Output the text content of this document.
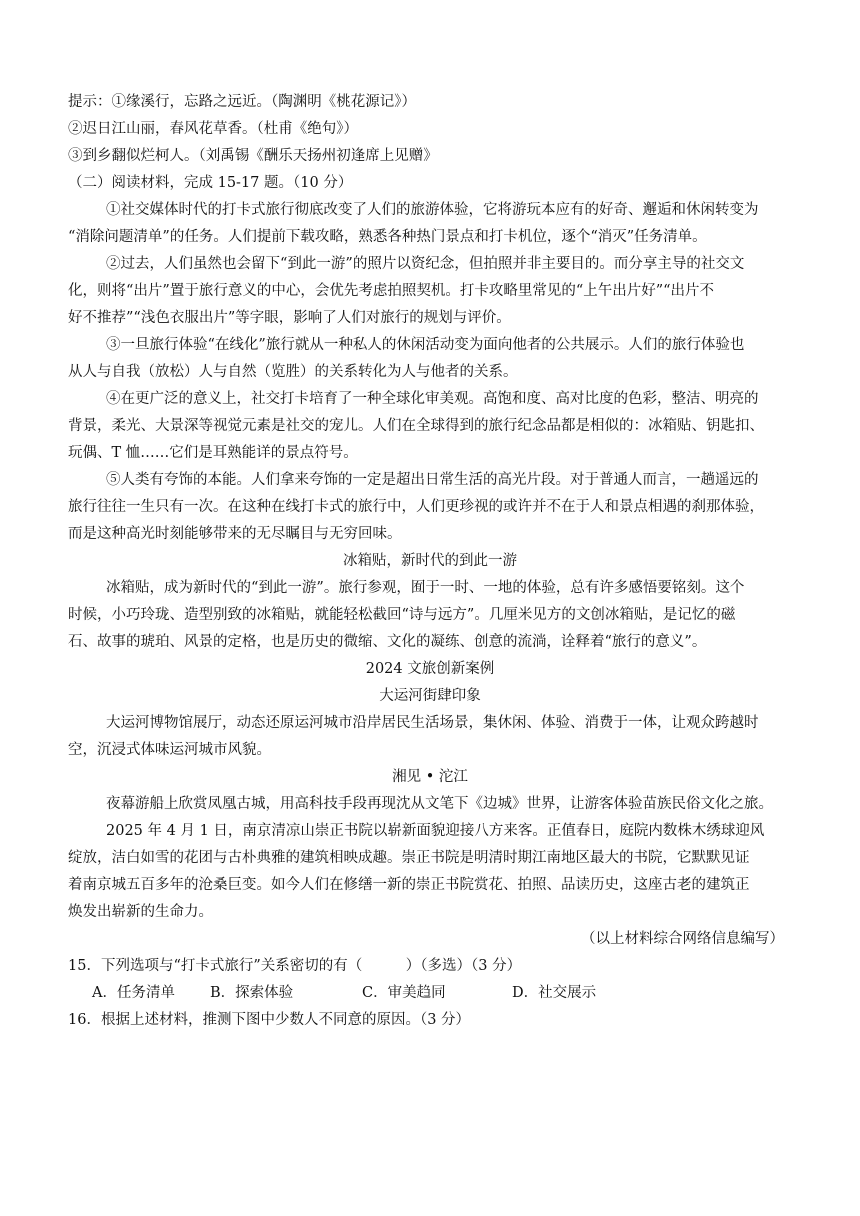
提示：①缘溪行，忘路之远近。（陶渊明《桃花源记》）
②迟日江山丽，春风花草香。（杜甫《绝句》）
③到乡翻似烂柯人。（刘禹锡《酬乐天扬州初逢席上见赠》
（二）阅读材料，完成 15-17 题。（10 分）
①社交媒体时代的打卡式旅行彻底改变了人们的旅游体验，它将游玩本应有的好奇、邂逅和休闲转变为
“消除问题清单”的任务。人们提前下载攻略，熟悉各种热门景点和打卡机位，逐个“消灭”任务清单。
②过去，人们虽然也会留下“到此一游”的照片以资纪念，但拍照并非主要目的。而分享主导的社交文
化，则将“出片”置于旅行意义的中心，会优先考虑拍照契机。打卡攻略里常见的“上午出片好”“出片不
好不推荐”“浅色衣服出片”等字眼，影响了人们对旅行的规划与评价。
③一旦旅行体验“在线化”旅行就从一种私人的休闲活动变为面向他者的公共展示。人们的旅行体验也
从人与自我（放松）人与自然（览胜）的关系转化为人与他者的关系。
④在更广泛的意义上，社交打卡培育了一种全球化审美观。高饱和度、高对比度的色彩，整洁、明亮的
背景，柔光、大景深等视觉元素是社交的宠儿。人们在全球得到的旅行纪念品都是相似的：冰箱贴、钥匙扣、
玩偶、T 恤……它们是耳熟能详的景点符号。
⑤人类有夸饰的本能。人们拿来夸饰的一定是超出日常生活的高光片段。对于普通人而言，一趟遥远的
旅行往往一生只有一次。在这种在线打卡式的旅行中，人们更珍视的或许并不在于人和景点相遇的刹那体验，
而是这种高光时刻能够带来的无尽瞩目与无穷回味。
冰箱贴，新时代的到此一游
冰箱贴，成为新时代的“到此一游”。旅行参观，囿于一时、一地的体验，总有许多感悟要铭刻。这个
时候，小巧玲珑、造型别致的冰箱贴，就能轻松截回“诗与远方”。几厘米见方的文创冰箱贴，是记忆的磁
石、故事的琥珀、风景的定格，也是历史的微缩、文化的凝练、创意的流淌，诠释着“旅行的意义”。
2024 文旅创新案例
大运河街肆印象
大运河博物馆展厅，动态还原运河城市沿岸居民生活场景，集休闲、体验、消费于一体，让观众跨越时
空，沉浸式体味运河城市风貌。
湘见 • 沱江
夜幕游船上欣赏凤凰古城，用高科技手段再现沈从文笔下《边城》世界，让游客体验苗族民俗文化之旅。
2025 年 4 月 1 日，南京清凉山崇正书院以崭新面貌迎接八方来客。正值春日，庭院内数株木绣球迎风
绽放，洁白如雪的花团与古朴典雅的建筑相映成趣。崇正书院是明清时期江南地区最大的书院，它默默见证
着南京城五百多年的沧桑巨变。如今人们在修缮一新的崇正书院赏花、拍照、品读历史，这座古老的建筑正
焕发出崭新的生命力。
（以上材料综合网络信息编写）
15．下列选项与“打卡式旅行”关系密切的有（　　　）（多选）（3 分）
A．任务清单 B．探索体验	C．审美趋同	D．社交展示
16．根据上述材料，推测下图中少数人不同意的原因。（3 分）
